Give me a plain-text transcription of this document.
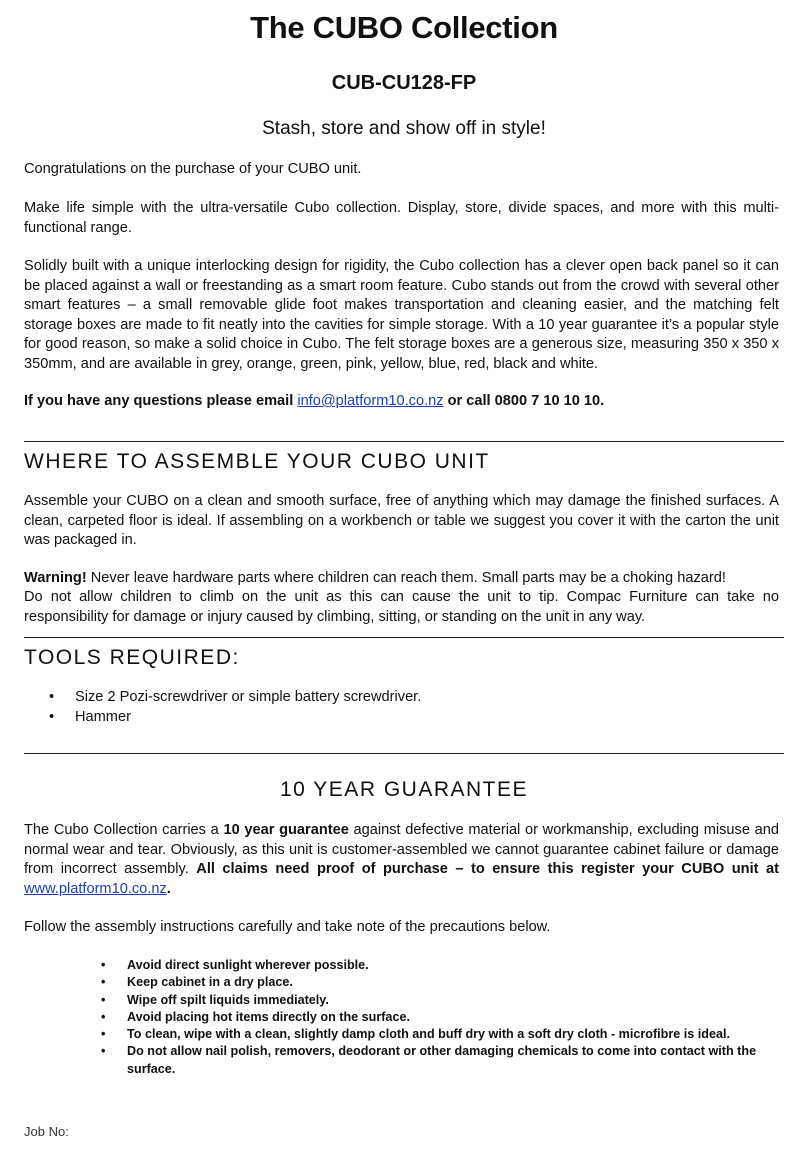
The CUBO Collection
CUB-CU128-FP
Stash, store and show off in style!

Congratulations on the purchase of your CUBO unit.

Make life simple with the ultra-versatile Cubo collection. Display, store, divide spaces, and more with this multi-functional range.

Solidly built with a unique interlocking design for rigidity, the Cubo collection has a clever open back panel so it can be placed against a wall or freestanding as a smart room feature. Cubo stands out from the crowd with several other smart features – a small removable glide foot makes transportation and cleaning easier, and the matching felt storage boxes are made to fit neatly into the cavities for simple storage. With a 10 year guarantee it’s a popular style for good reason, so make a solid choice in Cubo. The felt storage boxes are a generous size, measuring 350 x 350 x 350mm, and are available in grey, orange, green, pink, yellow, blue, red, black and white.

If you have any questions please email info@platform10.co.nz or call 0800 7 10 10 10.

WHERE TO ASSEMBLE YOUR CUBO UNIT

Assemble your CUBO on a clean and smooth surface, free of anything which may damage the finished surfaces. A clean, carpeted floor is ideal. If assembling on a workbench or table we suggest you cover it with the carton the unit was packaged in.

Warning! Never leave hardware parts where children can reach them. Small parts may be a choking hazard!

Do not allow children to climb on the unit as this can cause the unit to tip. Compac Furniture can take no responsibility for damage or injury caused by climbing, sitting, or standing on the unit in any way.

TOOLS REQUIRED:
• Size 2 Pozi-screwdriver or simple battery screwdriver.
• Hammer
10 YEAR GUARANTEE

The Cubo Collection carries a 10 year guarantee against defective material or workmanship, excluding misuse and normal wear and tear. Obviously, as this unit is customer-assembled we cannot guarantee cabinet failure or damage from incorrect assembly. All claims need proof of purchase – to ensure this register your CUBO unit at www.platform10.co.nz.

Follow the assembly instructions carefully and take note of the precautions below.

• Avoid direct sunlight wherever possible.
• Keep cabinet in a dry place.
• Wipe off spilt liquids immediately.
• Avoid placing hot items directly on the surface.
• To clean, wipe with a clean, slightly damp cloth and buff dry with a soft dry cloth - microfibre is ideal.
• Do not allow nail polish, removers, deodorant or other damaging chemicals to come into contact with the surface.
Job No:
